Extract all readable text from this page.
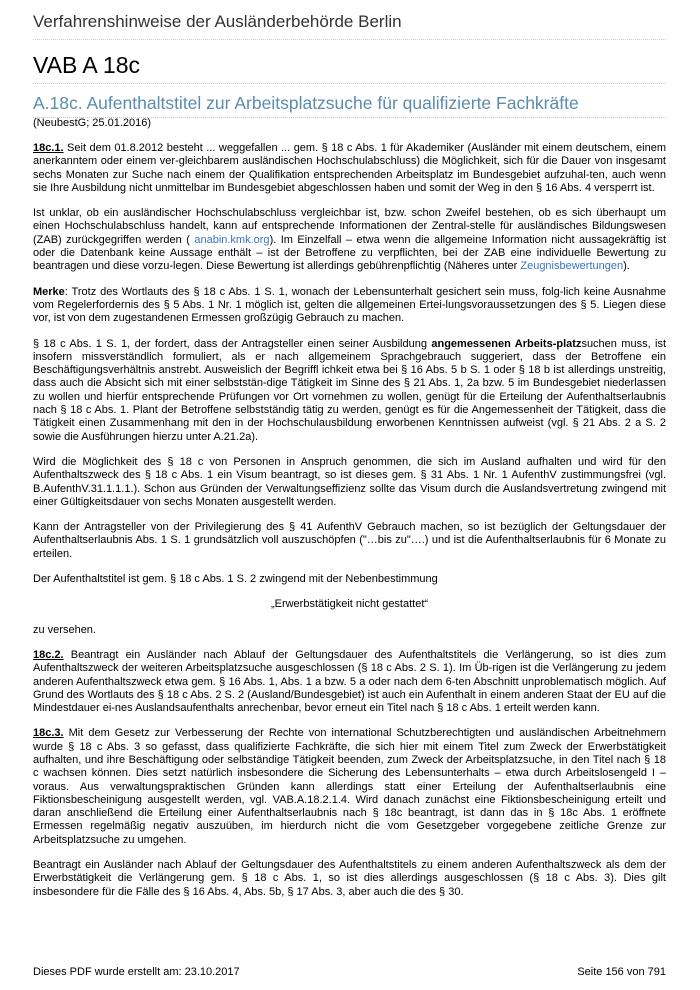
Verfahrenshinweise der Ausländerbehörde Berlin
VAB A 18c
A.18c. Aufenthaltstitel zur Arbeitsplatzsuche für qualifizierte Fachkräfte
(NeubestG; 25.01.2016)

18c.1. Seit dem 01.8.2012 besteht ... weggefallen ... gem. § 18 c Abs. 1 für Akademiker (Ausländer mit einem deutschem, einem anerkanntem oder einem ver-gleichbarem ausländischen Hochschulabschluss) die Möglichkeit, sich für die Dauer von insgesamt sechs Monaten zur Suche nach einem der Qualifikation entsprechenden Arbeitsplatz im Bundesgebiet aufzuhal-ten, auch wenn sie Ihre Ausbildung nicht unmittelbar im Bundesgebiet abgeschlossen haben und somit der Weg in den § 16 Abs. 4 versperrt ist.

Ist unklar, ob ein ausländischer Hochschulabschluss vergleichbar ist, bzw. schon Zweifel bestehen, ob es sich überhaupt um einen Hochschulabschluss handelt, kann auf entsprechende Informationen der Zentral-stelle für ausländisches Bildungswesen (ZAB) zurückgegriffen werden ( anabin.kmk.org). Im Einzelfall – etwa wenn die allgemeine Information nicht aussagekräftig ist oder die Datenbank keine Aussage enthält – ist der Betroffene zu verpflichten, bei der ZAB eine individuelle Bewertung zu beantragen und diese vorzu-legen. Diese Bewertung ist allerdings gebührenpflichtig (Näheres unter Zeugnisbewertungen).

Merke: Trotz des Wortlauts des § 18 c Abs. 1 S. 1, wonach der Lebensunterhalt gesichert sein muss, folg-lich keine Ausnahme vom Regelerfordernis des § 5 Abs. 1 Nr. 1 möglich ist, gelten die allgemeinen Ertei-lungsvoraussetzungen des § 5. Liegen diese vor, ist von dem zugestandenen Ermessen großzügig Gebrauch zu machen.

§ 18 c Abs. 1 S. 1, der fordert, dass der Antragsteller einen seiner Ausbildung angemessenen Arbeits-platzsuchen muss, ist insofern missverständlich formuliert, als er nach allgemeinem Sprachgebrauch suggeriert, dass der Betroffene ein Beschäftigungsverhältnis anstrebt. Ausweislich der Begriffl ichkeit etwa bei § 16 Abs. 5 b S. 1 oder § 18 b ist allerdings unstreitig, dass auch die Absicht sich mit einer selbststän-dige Tätigkeit im Sinne des § 21 Abs. 1, 2a bzw. 5 im Bundesgebiet niederlassen zu wollen und hierfür entsprechende Prüfungen vor Ort vornehmen zu wollen, genügt für die Erteilung der Aufenthaltserlaubnis nach § 18 c Abs. 1. Plant der Betroffene selbstständig tätig zu werden, genügt es für die Angemessenheit der Tätigkeit, dass die Tätigkeit einen Zusammenhang mit den in der Hochschulausbildung erworbenen Kenntnissen aufweist (vgl. § 21 Abs. 2 a S. 2 sowie die Ausführungen hierzu unter A.21.2a).

Wird die Möglichkeit des § 18 c von Personen in Anspruch genommen, die sich im Ausland aufhalten und wird für den Aufenthaltszweck des § 18 c Abs. 1 ein Visum beantragt, so ist dieses gem. § 31 Abs. 1 Nr. 1 AufenthV zustimmungsfrei (vgl. B.AufenthV.31.1.1.1.). Schon aus Gründen der Verwaltungseffizienz sollte das Visum durch die Auslandsvertretung zwingend mit einer Gültigkeitsdauer von sechs Monaten ausgestellt werden.

Kann der Antragsteller von der Privilegierung des § 41 AufenthV Gebrauch machen, so ist bezüglich der Geltungsdauer der Aufenthaltserlaubnis Abs. 1 S. 1 grundsätzlich voll auszuschöpfen ("…bis zu"….) und ist die Aufenthaltserlaubnis für 6 Monate zu erteilen.

Der Aufenthaltstitel ist gem. § 18 c Abs. 1 S. 2 zwingend mit der Nebenbestimmung

„Erwerbstätigkeit nicht gestattet“

zu versehen.

18c.2. Beantragt ein Ausländer nach Ablauf der Geltungsdauer des Aufenthaltstitels die Verlängerung, so ist dies zum Aufenthaltszweck der weiteren Arbeitsplatzsuche ausgeschlossen (§ 18 c Abs. 2 S. 1). Im Üb-rigen ist die Verlängerung zu jedem anderen Aufenthaltszweck etwa gem. § 16 Abs. 1, Abs. 1 a bzw. 5 a oder nach dem 6-ten Abschnitt unproblematisch möglich. Auf Grund des Wortlauts des § 18 c Abs. 2 S. 2 (Ausland/Bundesgebiet) ist auch ein Aufenthalt in einem anderen Staat der EU auf die Mindestdauer ei-nes Auslandsaufenthalts anrechenbar, bevor erneut ein Titel nach § 18 c Abs. 1 erteilt werden kann.

18c.3. Mit dem Gesetz zur Verbesserung der Rechte von international Schutzberechtigten und ausländischen Arbeitnehmern wurde § 18 c Abs. 3 so gefasst, dass qualifizierte Fachkräfte, die sich hier mit einem Titel zum Zweck der Erwerbstätigkeit aufhalten, und ihre Beschäftigung oder selbständige Tätigkeit beenden, zum Zweck der Arbeitsplatzsuche, in den Titel nach § 18 c wachsen können. Dies setzt natürlich insbesondere die Sicherung des Lebensunterhalts – etwa durch Arbeitslosengeld I – voraus. Aus verwaltungspraktischen Gründen kann allerdings statt einer Erteilung der Aufenthaltserlaubnis eine Fiktionsbescheinigung ausgestellt werden, vgl. VAB.A.18.2.1.4. Wird danach zunächst eine Fiktionsbescheinigung erteilt und daran anschließend die Erteilung einer Aufenthaltserlaubnis nach § 18c beantragt, ist dann das in § 18c Abs. 1 eröffnete Ermessen regelmäßig negativ auszuüben, im hierdurch nicht die vom Gesetzgeber vorgegebene zeitliche Grenze zur Arbeitsplatzsuche zu umgehen.

Beantragt ein Ausländer nach Ablauf der Geltungsdauer des Aufenthaltstitels zu einem anderen Aufenthaltszweck als dem der Erwerbstätigkeit die Verlängerung gem. § 18 c Abs. 1, so ist dies allerdings ausgeschlossen (§ 18 c Abs. 3). Dies gilt insbesondere für die Fälle des § 16 Abs. 4, Abs. 5b, § 17 Abs. 3, aber auch die des § 30.

Dieses PDF wurde erstellt am: 23.10.2017	Seite 156 von 791
